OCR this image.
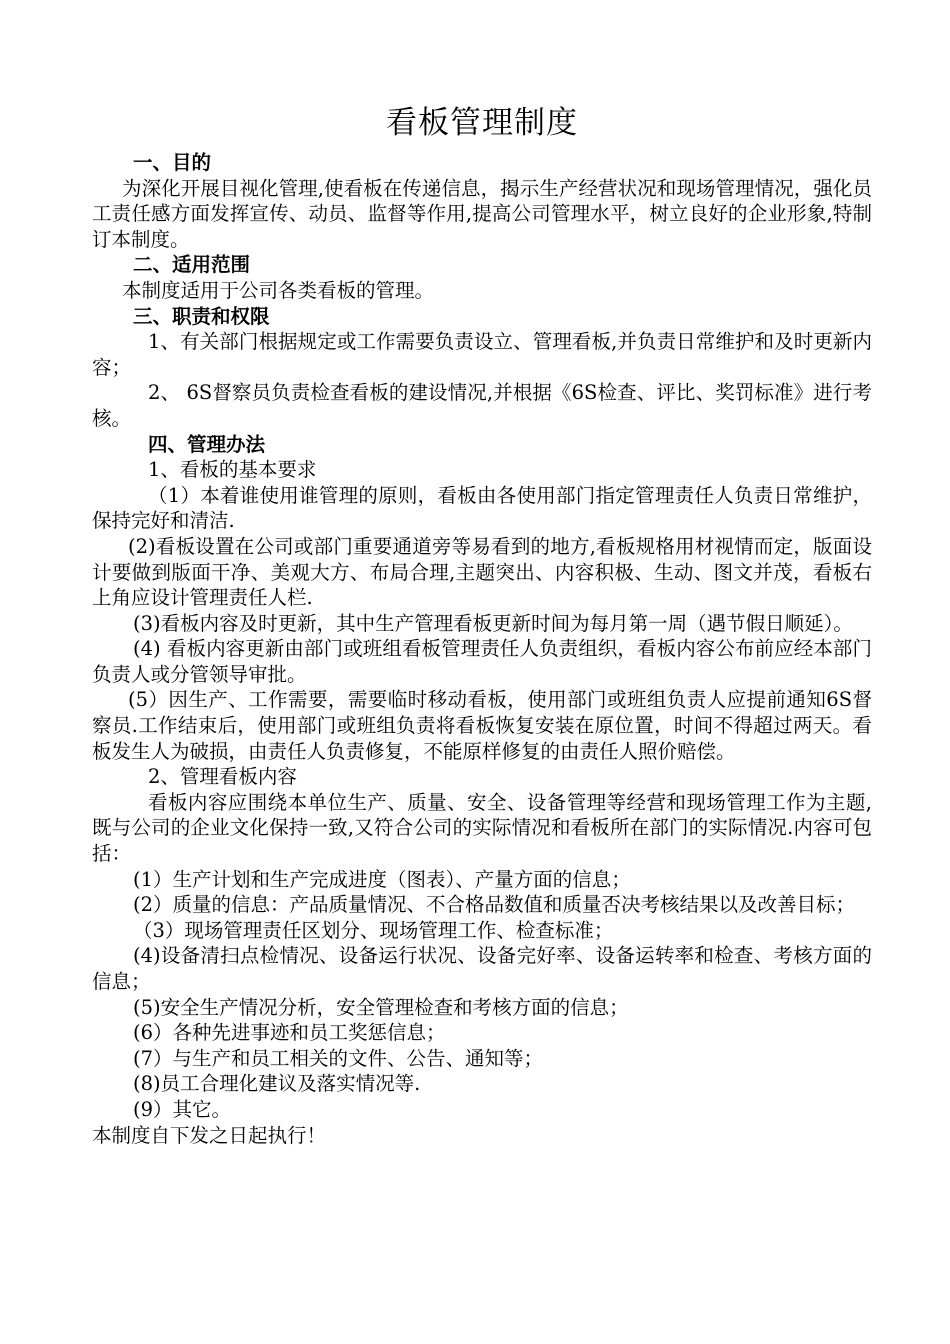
看板管理制度

一、目的

为深化开展目视化管理,使看板在传递信息，揭示生产经营状况和现场管理情况，强化员工责任感方面发挥宣传、动员、监督等作用,提高公司管理水平，树立良好的企业形象,特制订本制度。

二、适用范围

本制度适用于公司各类看板的管理。

三、职责和权限

1、有关部门根据规定或工作需要负责设立、管理看板,并负责日常维护和及时更新内容；

2、 6S督察员负责检查看板的建设情况,并根据《6S检查、评比、奖罚标准》进行考核。

四、管理办法

1、看板的基本要求

（1）本着谁使用谁管理的原则，看板由各使用部门指定管理责任人负责日常维护，保持完好和清洁.

(2)看板设置在公司或部门重要通道旁等易看到的地方,看板规格用材视情而定，版面设计要做到版面干净、美观大方、布局合理,主题突出、内容积极、生动、图文并茂，看板右上角应设计管理责任人栏.

(3)看板内容及时更新，其中生产管理看板更新时间为每月第一周（遇节假日顺延）。

(4) 看板内容更新由部门或班组看板管理责任人负责组织，看板内容公布前应经本部门负责人或分管领导审批。

(5）因生产、工作需要，需要临时移动看板，使用部门或班组负责人应提前通知6S督察员.工作结束后，使用部门或班组负责将看板恢复安装在原位置，时间不得超过两天。看板发生人为破损，由责任人负责修复，不能原样修复的由责任人照价赔偿。

2、管理看板内容

看板内容应围绕本单位生产、质量、安全、设备管理等经营和现场管理工作为主题,既与公司的企业文化保持一致,又符合公司的实际情况和看板所在部门的实际情况.内容可包括：

(1）生产计划和生产完成进度（图表）、产量方面的信息；

(2）质量的信息：产品质量情况、不合格品数值和质量否决考核结果以及改善目标；

（3）现场管理责任区划分、现场管理工作、检查标准；

(4)设备清扫点检情况、设备运行状况、设备完好率、设备运转率和检查、考核方面的信息；

(5)安全生产情况分析，安全管理检查和考核方面的信息；

(6）各种先进事迹和员工奖惩信息；

(7）与生产和员工相关的文件、公告、通知等；

(8)员工合理化建议及落实情况等.

(9）其它。

本制度自下发之日起执行！
